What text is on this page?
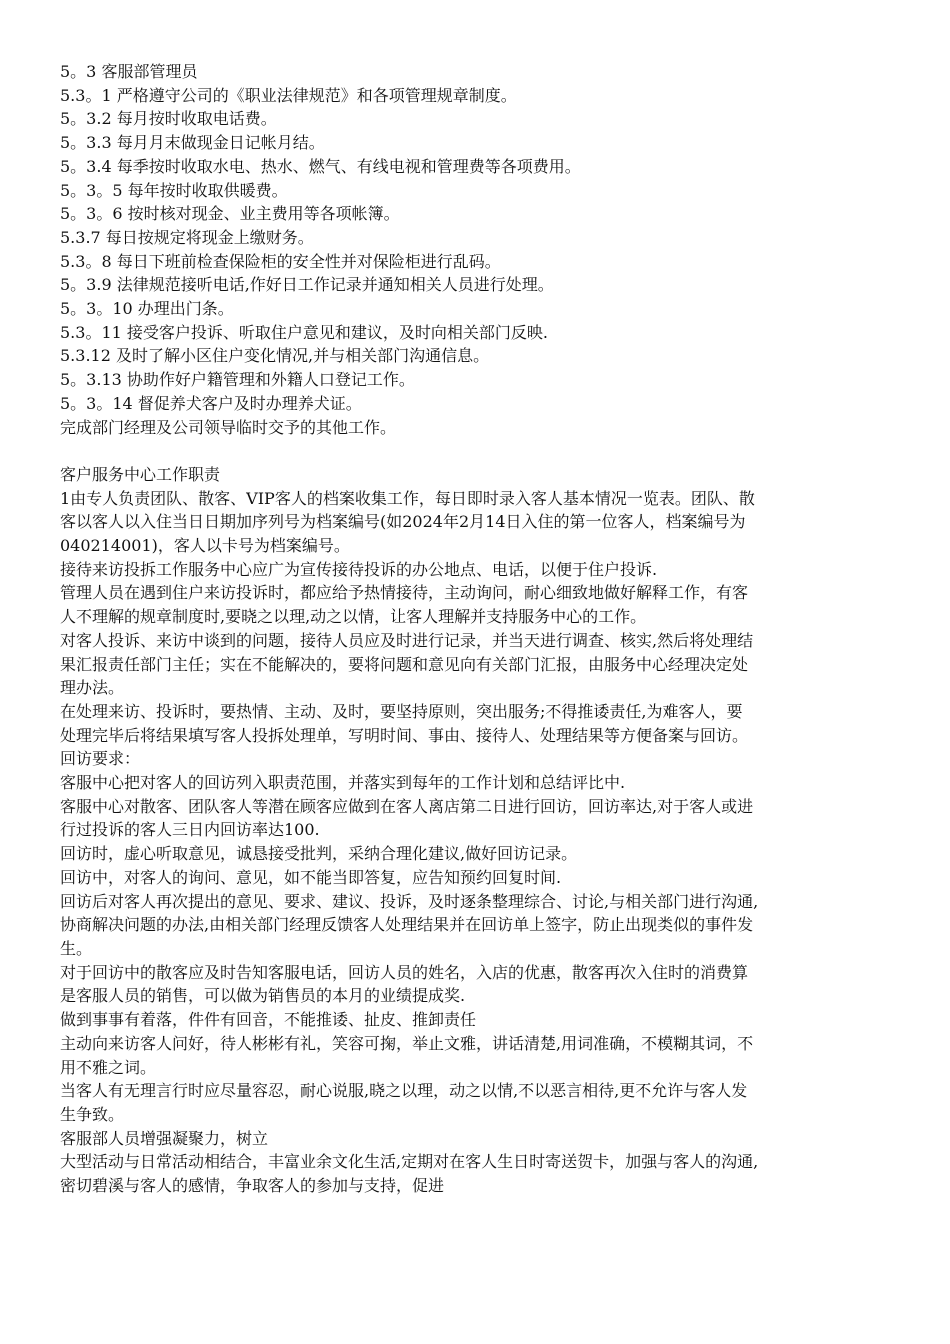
5。3 客服部管理员
5.3。1 严格遵守公司的《职业法律规范》和各项管理规章制度。
5。3.2 每月按时收取电话费。
5。3.3 每月月末做现金日记帐月结。
5。3.4 每季按时收取水电、热水、燃气、有线电视和管理费等各项费用。
5。3。5 每年按时收取供暖费。
5。3。6 按时核对现金、业主费用等各项帐簿。
5.3.7 每日按规定将现金上缴财务。
5.3。8 每日下班前检查保险柜的安全性并对保险柜进行乱码。
5。3.9 法律规范接听电话,作好日工作记录并通知相关人员进行处理。
5。3。10 办理出门条。
5.3。11 接受客户投诉、听取住户意见和建议，及时向相关部门反映.
5.3.12 及时了解小区住户变化情况,并与相关部门沟通信息。
5。3.13 协助作好户籍管理和外籍人口登记工作。
5。3。14 督促养犬客户及时办理养犬证。
完成部门经理及公司领导临时交予的其他工作。
客户服务中心工作职责
1由专人负责团队、散客、VIP客人的档案收集工作，每日即时录入客人基本情况一览表。团队、散
客以客人以入住当日日期加序列号为档案编号(如2024年2月14日入住的第一位客人，档案编号为
040214001)，客人以卡号为档案编号。
接待来访投拆工作服务中心应广为宣传接待投诉的办公地点、电话，以便于住户投诉.
管理人员在遇到住户来访投诉时，都应给予热情接待，主动询问，耐心细致地做好解释工作，有客
人不理解的规章制度时,要晓之以理,动之以情，让客人理解并支持服务中心的工作。
对客人投诉、来访中谈到的问题，接待人员应及时进行记录，并当天进行调查、核实,然后将处理结
果汇报责任部门主任；实在不能解决的，要将问题和意见向有关部门汇报，由服务中心经理决定处
理办法。
在处理来访、投诉时，要热情、主动、及时，要坚持原则，突出服务;不得推诿责任,为难客人，要
处理完毕后将结果填写客人投拆处理单，写明时间、事由、接待人、处理结果等方便备案与回访。
回访要求：
客服中心把对客人的回访列入职责范围，并落实到每年的工作计划和总结评比中.
客服中心对散客、团队客人等潜在顾客应做到在客人离店第二日进行回访，回访率达,对于客人或进
行过投诉的客人三日内回访率达100.
回访时，虚心听取意见，诚恳接受批判，采纳合理化建议,做好回访记录。
回访中，对客人的询问、意见，如不能当即答复，应告知预约回复时间.
回访后对客人再次提出的意见、要求、建议、投诉，及时逐条整理综合、讨论,与相关部门进行沟通,
协商解决问题的办法,由相关部门经理反馈客人处理结果并在回访单上签字，防止出现类似的事件发
生。
对于回访中的散客应及时告知客服电话，回访人员的姓名，入店的优惠，散客再次入住时的消费算
是客服人员的销售，可以做为销售员的本月的业绩提成奖.
做到事事有着落，件件有回音，不能推诿、扯皮、推卸责任
主动向来访客人问好，待人彬彬有礼，笑容可掬，举止文雅，讲话清楚,用词准确，不模糊其词，不
用不雅之词。
当客人有无理言行时应尽量容忍，耐心说服,晓之以理，动之以情,不以恶言相待,更不允许与客人发
生争致。
客服部人员增强凝聚力，树立
大型活动与日常活动相结合，丰富业余文化生活,定期对在客人生日时寄送贺卡，加强与客人的沟通,
密切碧溪与客人的感情，争取客人的参加与支持，促进
